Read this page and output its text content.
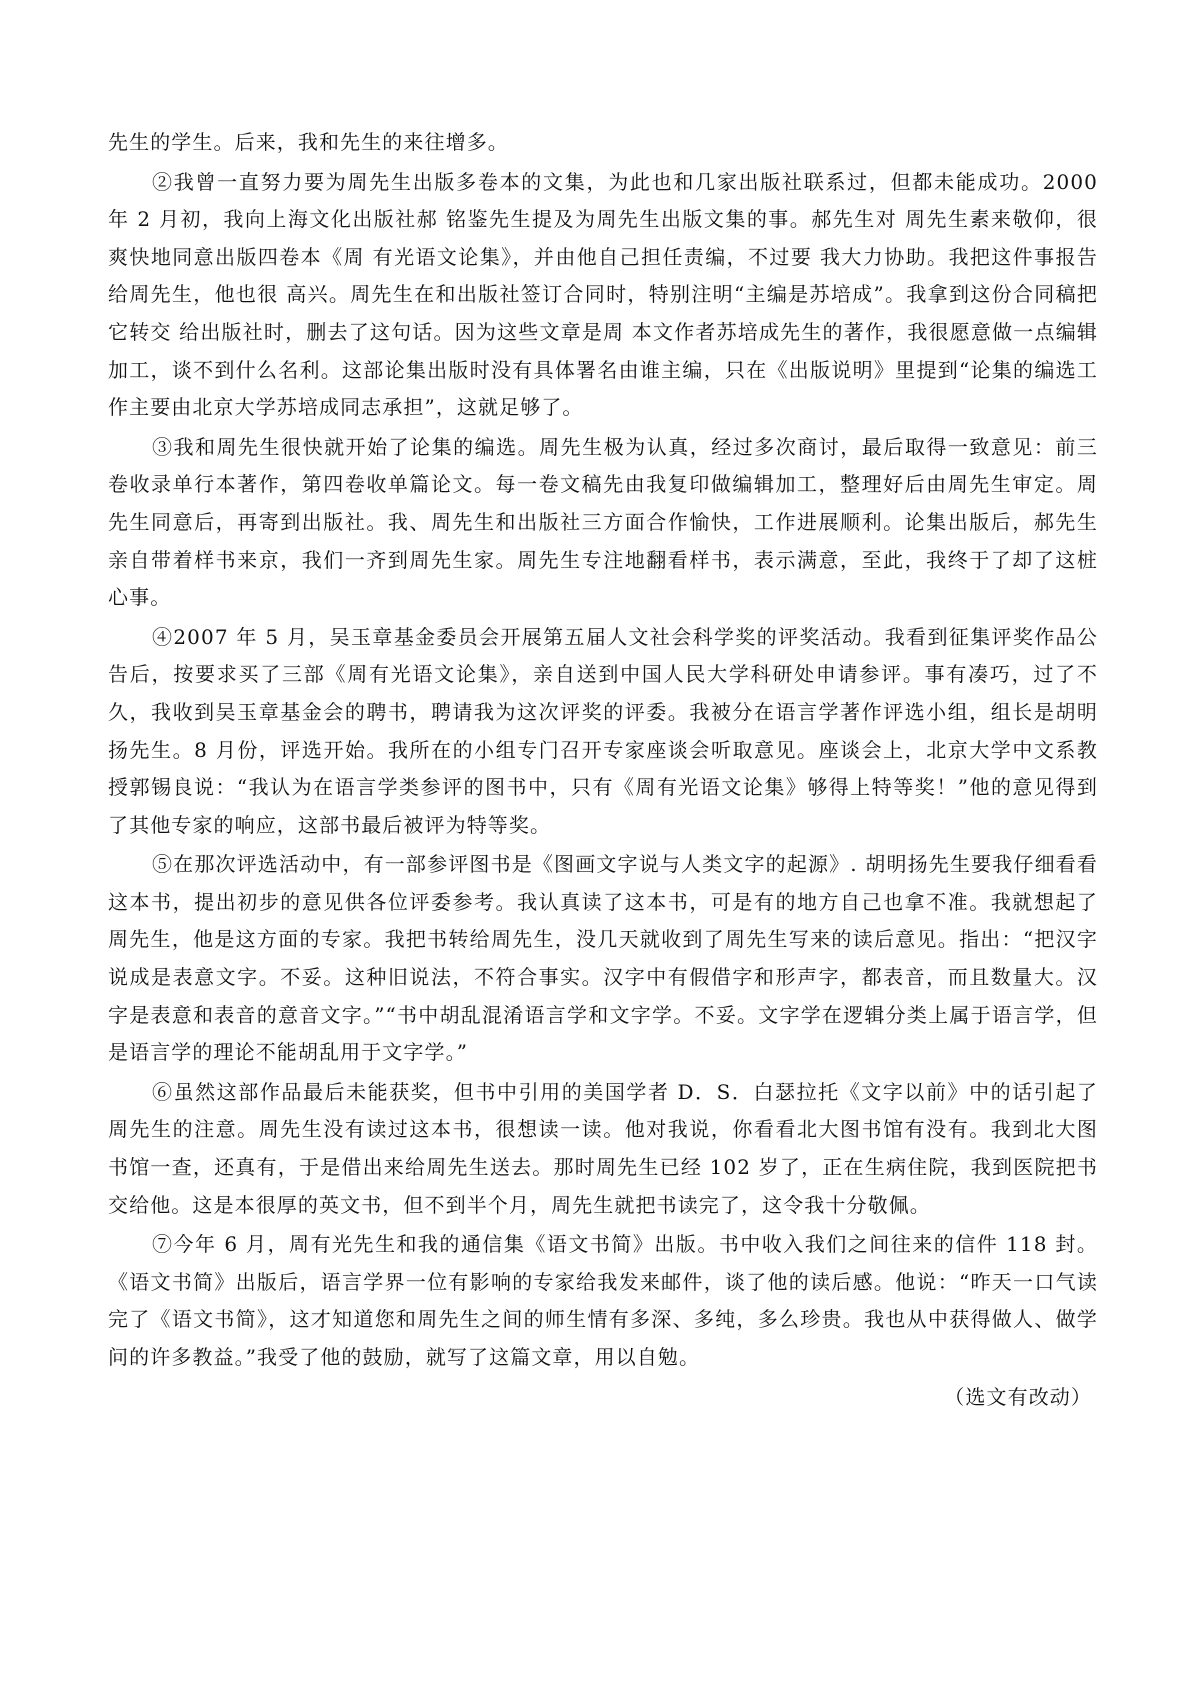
先生的学生。后来，我和先生的来往增多。

②我曾一直努力要为周先生出版多卷本的文集，为此也和几家出版社联系过，但都未能成功。2000 年 2 月初，我向上海文化出版社郝 铭鉴先生提及为周先生出版文集的事。郝先生对 周先生素来敬仰，很爽快地同意出版四卷本《周 有光语文论集》，并由他自己担任责编，不过要 我大力协助。我把这件事报告给周先生，他也很 高兴。周先生在和出版社签订合同时，特别注明“主编是苏培成”。我拿到这份合同稿把它转交 给出版社时，删去了这句话。因为这些文章是周 本文作者苏培成先生的著作，我很愿意做一点编辑加工，谈不到什么名利。这部论集出版时没有具体署名由谁主编，只在《出版说明》里提到“论集的编选工作主要由北京大学苏培成同志承担”，这就足够了。

③我和周先生很快就开始了论集的编选。周先生极为认真，经过多次商讨，最后取得一致意见：前三卷收录单行本著作，第四卷收单篇论文。每一卷文稿先由我复印做编辑加工，整理好后由周先生审定。周先生同意后，再寄到出版社。我、周先生和出版社三方面合作愉快，工作进展顺利。论集出版后，郝先生亲自带着样书来京，我们一齐到周先生家。周先生专注地翻看样书，表示满意，至此，我终于了却了这桩心事。

④2007 年 5 月，吴玉章基金委员会开展第五届人文社会科学奖的评奖活动。我看到征集评奖作品公告后，按要求买了三部《周有光语文论集》，亲自送到中国人民大学科研处申请参评。事有凑巧，过了不久，我收到吴玉章基金会的聘书，聘请我为这次评奖的评委。我被分在语言学著作评选小组，组长是胡明扬先生。8 月份，评选开始。我所在的小组专门召开专家座谈会听取意见。座谈会上，北京大学中文系教授郭锡良说：“我认为在语言学类参评的图书中，只有《周有光语文论集》够得上特等奖！”他的意见得到了其他专家的响应，这部书最后被评为特等奖。

⑤在那次评选活动中，有一部参评图书是《图画文字说与人类文字的起源》. 胡明扬先生要我仔细看看这本书，提出初步的意见供各位评委参考。我认真读了这本书，可是有的地方自己也拿不准。我就想起了周先生，他是这方面的专家。我把书转给周先生，没几天就收到了周先生写来的读后意见。指出：“把汉字说成是表意文字。不妥。这种旧说法，不符合事实。汉字中有假借字和形声字，都表音，而且数量大。汉字是表意和表音的意音文字。”“书中胡乱混淆语言学和文字学。不妥。文字学在逻辑分类上属于语言学，但是语言学的理论不能胡乱用于文字学。”

⑥虽然这部作品最后未能获奖，但书中引用的美国学者 D．S．白瑟拉托《文字以前》中的话引起了周先生的注意。周先生没有读过这本书，很想读一读。他对我说，你看看北大图书馆有没有。我到北大图书馆一查，还真有，于是借出来给周先生送去。那时周先生已经 102 岁了，正在生病住院，我到医院把书交给他。这是本很厚的英文书，但不到半个月，周先生就把书读完了，这令我十分敬佩。

⑦今年 6 月，周有光先生和我的通信集《语文书简》出版。书中收入我们之间往来的信件 118 封。《语文书简》出版后，语言学界一位有影响的专家给我发来邮件，谈了他的读后感。他说：“昨天一口气读完了《语文书简》，这才知道您和周先生之间的师生情有多深、多纯，多么珍贵。我也从中获得做人、做学问的许多教益。”我受了他的鼓励，就写了这篇文章，用以自勉。

（选文有改动）
